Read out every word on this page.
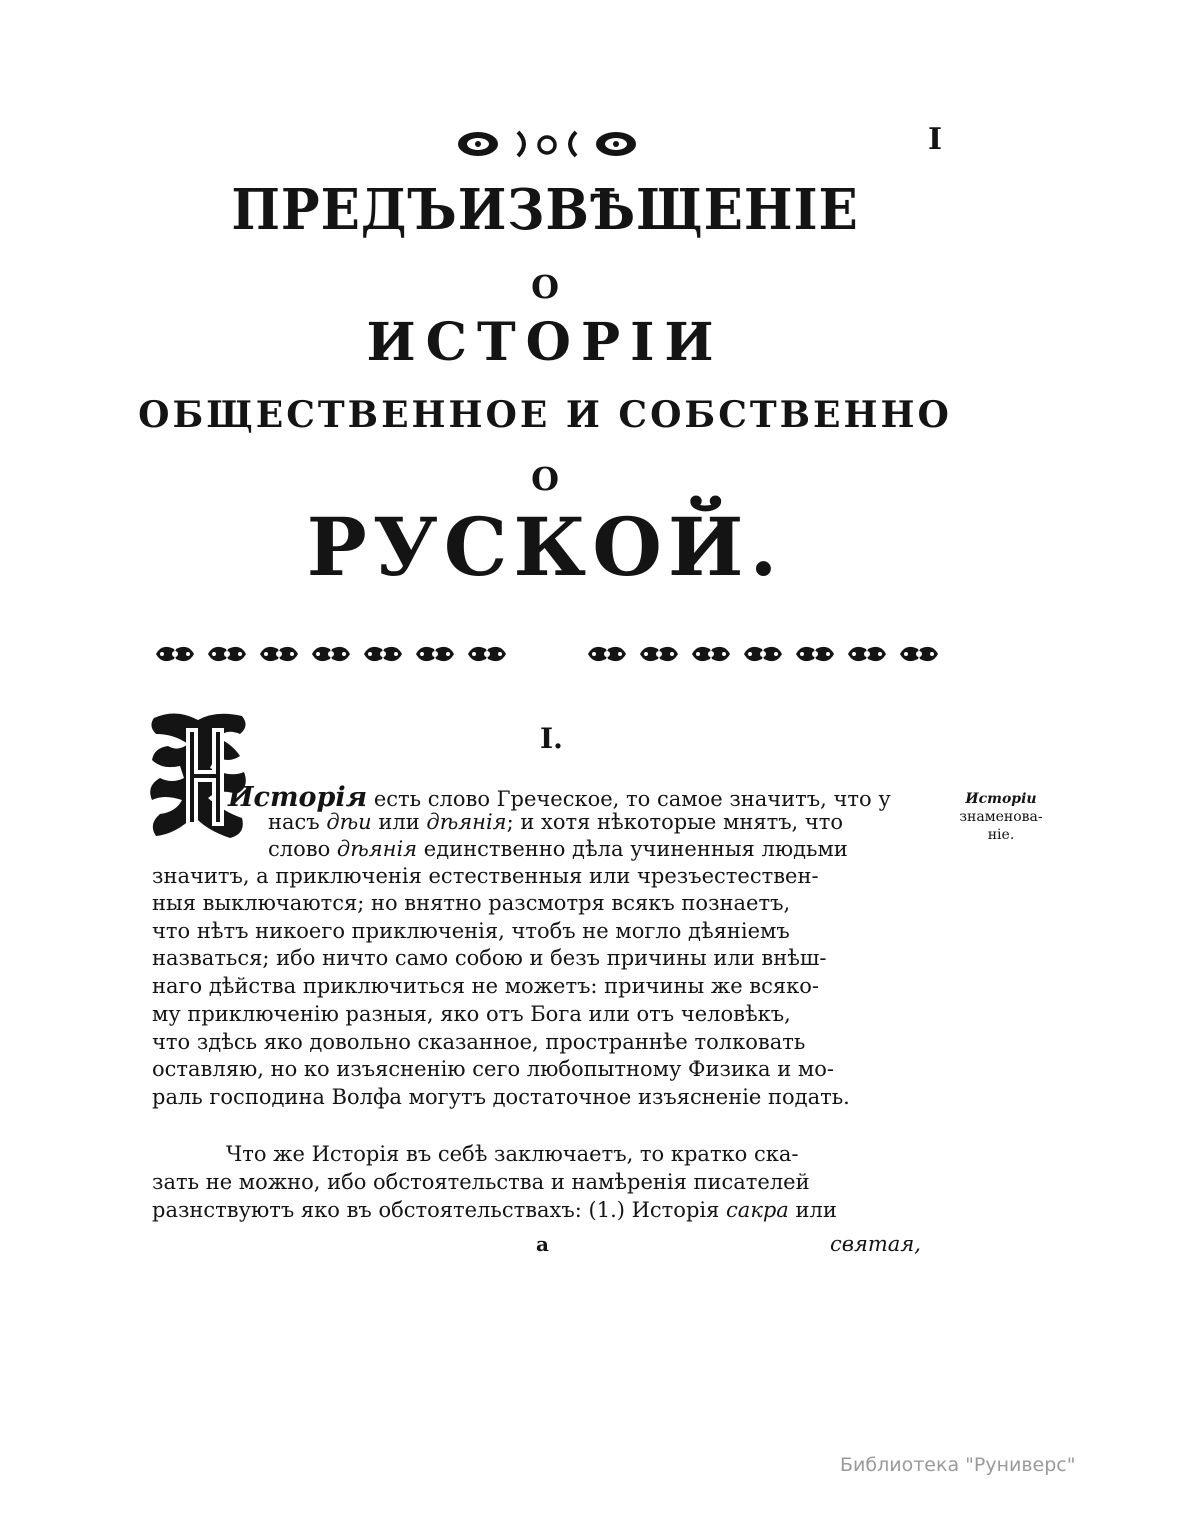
I
ПРЕДЪИЗВѢЩЕНІЕ
О
ИСТОРІИ
ОБЩЕСТВЕННОЕ И СОБСТВЕННО
О
РУСКОЙ.
I.
Исторія есть слово Греческое, то самое значитъ, что у
насъ дѣи или дѣянія; и хотя нѣкоторые мнятъ, что
слово дѣянія единственно дѣла учиненныя людьми
значитъ, а приключенія естественныя или чрезъестествен-
ныя выключаются; но внятно разсмотря всякъ познаетъ,
что нѣтъ никоего приключенія, чтобъ не могло дѣяніемъ
назваться; ибо ничто само собою и безъ причины или внѣш-
наго дѣйства приключиться не можетъ: причины же всяко-
му приключенію разныя, яко отъ Бога или отъ человѣкъ,
что здѣсь яко довольно сказанное, пространнѣе толковать
оставляю, но ко изъясненію сего любопытному Физика и мо-
раль господина Волфа могутъ достаточное изъясненіе подать.
Что же Исторія въ себѣ заключаетъ, то кратко ска-
зать не можно, ибо обстоятельства и намѣренія писателей
разнствуютъ яко въ обстоятельствахъ: (1.) Исторія сакра или
а	святая,
Исторіи
знаменова-
ніе.
Библиотека "Руниверс"
